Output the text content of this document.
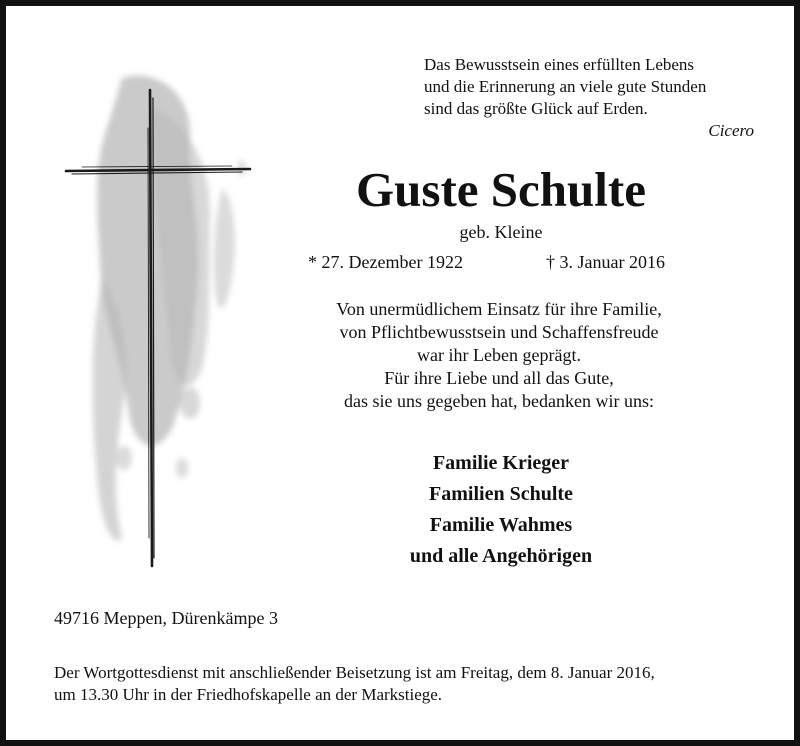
Das Bewusstsein eines erfüllten Lebens
und die Erinnerung an viele gute Stunden
sind das größte Glück auf Erden.
Cicero
Guste Schulte
geb. Kleine
* 27. Dezember 1922	† 3. Januar 2016
Von unermüdlichem Einsatz für ihre Familie,
von Pflichtbewusstsein und Schaffensfreude
war ihr Leben geprägt.
Für ihre Liebe und all das Gute,
das sie uns gegeben hat, bedanken wir uns:
Familie Krieger
Familien Schulte
Familie Wahmes
und alle Angehörigen
49716 Meppen, Dürenkämpe 3
Der Wortgottesdienst mit anschließender Beisetzung ist am Freitag, dem 8. Januar 2016,
um 13.30 Uhr in der Friedhofskapelle an der Markstiege.
